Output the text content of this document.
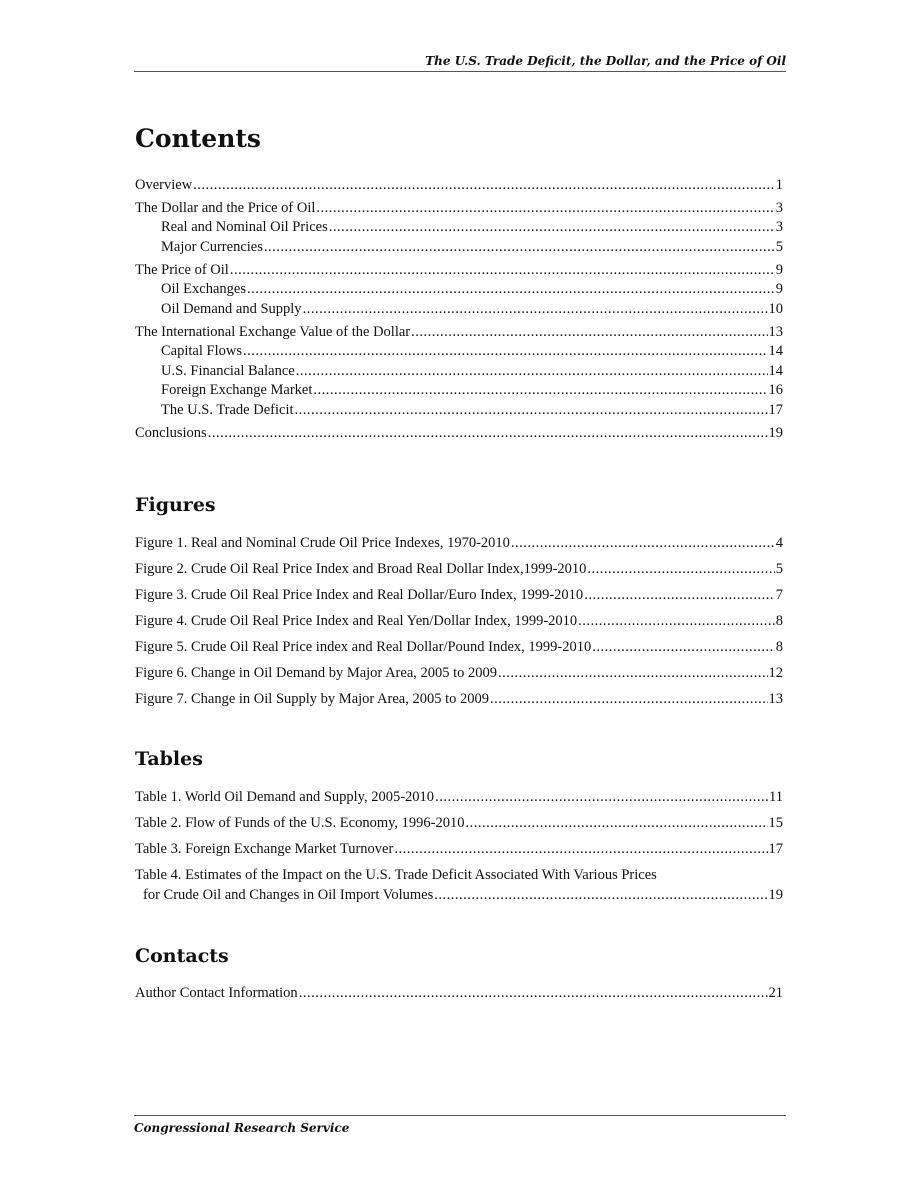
The U.S. Trade Deficit, the Dollar, and the Price of Oil
Contents
Overview .....	1
The Dollar and the Price of Oil .....	3
Real and Nominal Oil Prices .....	3
Major Currencies .....	5
The Price of Oil .....	9
Oil Exchanges .....	9
Oil Demand and Supply .....	10
The International Exchange Value of the Dollar .....	13
Capital Flows .....	14
U.S. Financial Balance .....	14
Foreign Exchange Market .....	16
The U.S. Trade Deficit .....	17
Conclusions .....	19
Figures
Figure 1. Real and Nominal Crude Oil Price Indexes, 1970-2010 .....	4
Figure 2. Crude Oil Real Price Index and Broad Real Dollar Index,1999-2010 .....	5
Figure 3. Crude Oil Real Price Index and Real Dollar/Euro Index, 1999-2010 .....	7
Figure 4. Crude Oil Real Price Index and Real Yen/Dollar Index, 1999-2010 .....	8
Figure 5. Crude Oil Real Price index and Real Dollar/Pound Index, 1999-2010 .....	8
Figure 6. Change in Oil Demand by Major Area, 2005 to 2009 .....	12
Figure 7. Change in Oil Supply by Major Area, 2005 to 2009 .....	13
Tables
Table 1. World Oil Demand and Supply, 2005-2010 .....	11
Table 2. Flow of Funds of the U.S. Economy, 1996-2010 .....	15
Table 3. Foreign Exchange Market Turnover .....	17
Table 4. Estimates of the Impact on the U.S. Trade Deficit Associated With Various Prices
for Crude Oil and Changes in Oil Import Volumes .....	19
Contacts
Author Contact Information .....	21
Congressional Research Service
